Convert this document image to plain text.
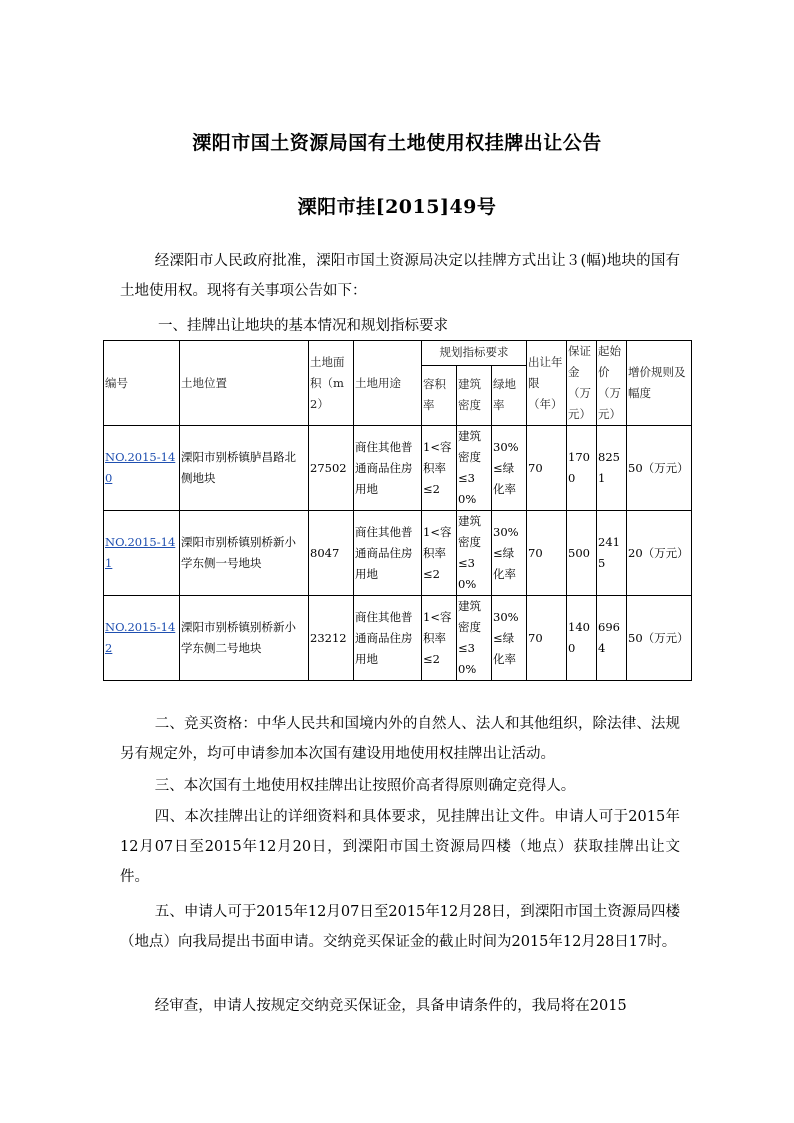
溧阳市国土资源局国有土地使用权挂牌出让公告
溧阳市挂[2015]49号
经溧阳市人民政府批准，溧阳市国土资源局决定以挂牌方式出让３(幅)地块的国有土地使用权。现将有关事项公告如下：
一、挂牌出让地块的基本情况和规划指标要求
编号	土地位置	土地面积（m2）	土地用途	规划指标要求			出让年限（年）	保证金（万元）	起始价（万元）	增价规则及幅度
				容积率	建筑密度	绿地率				
NO.2015-140	溧阳市别桥镇胪昌路北侧地块	27502	商住其他普通商品住房用地	1<容积率≤2	建筑密度≤30%	30%≤绿化率	70	1700	8251	50（万元）
NO.2015-141	溧阳市别桥镇别桥新小学东侧一号地块	8047	商住其他普通商品住房用地	1<容积率≤2	建筑密度≤30%	30%≤绿化率	70	500	2415	20（万元）
NO.2015-142	溧阳市别桥镇别桥新小学东侧二号地块	23212	商住其他普通商品住房用地	1<容积率≤2	建筑密度≤30%	30%≤绿化率	70	1400	6964	50（万元）
二、竞买资格：中华人民共和国境内外的自然人、法人和其他组织，除法律、法规另有规定外，均可申请参加本次国有建设用地使用权挂牌出让活动。
三、本次国有土地使用权挂牌出让按照价高者得原则确定竞得人。
四、本次挂牌出让的详细资料和具体要求，见挂牌出让文件。申请人可于2015年12月07日至2015年12月20日，到溧阳市国土资源局四楼（地点）获取挂牌出让文件。
五、申请人可于2015年12月07日至2015年12月28日，到溧阳市国土资源局四楼（地点）向我局提出书面申请。交纳竞买保证金的截止时间为2015年12月28日17时。
经审查，申请人按规定交纳竞买保证金，具备申请条件的，我局将在2015
